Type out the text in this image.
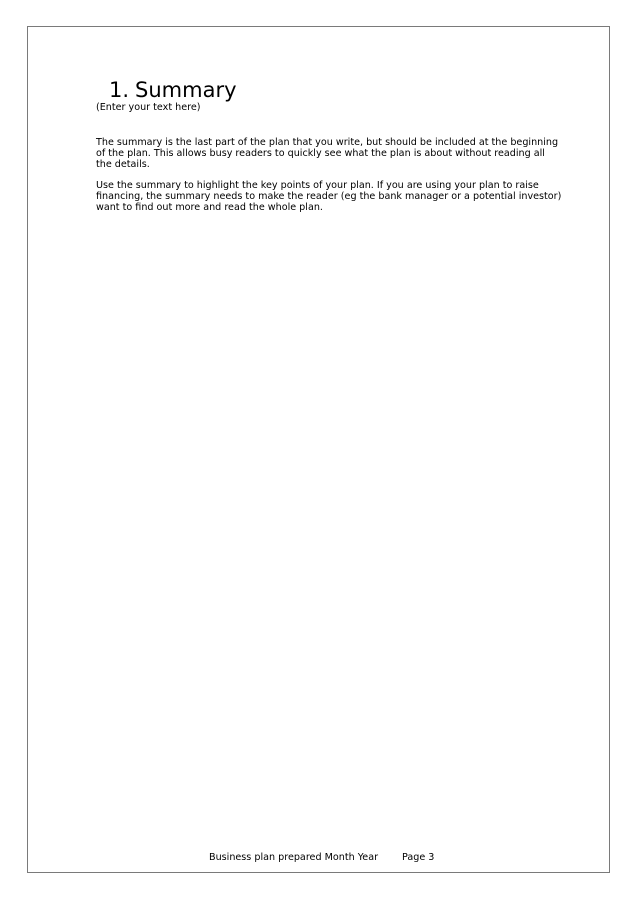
1. Summary

(Enter your text here)

The summary is the last part of the plan that you write, but should be included at the beginning
of the plan. This allows busy readers to quickly see what the plan is about without reading all
the details.

Use the summary to highlight the key points of your plan. If you are using your plan to raise
financing, the summary needs to make the reader (eg the bank manager or a potential investor)
want to find out more and read the whole plan.

Business plan prepared Month Year	Page 3
